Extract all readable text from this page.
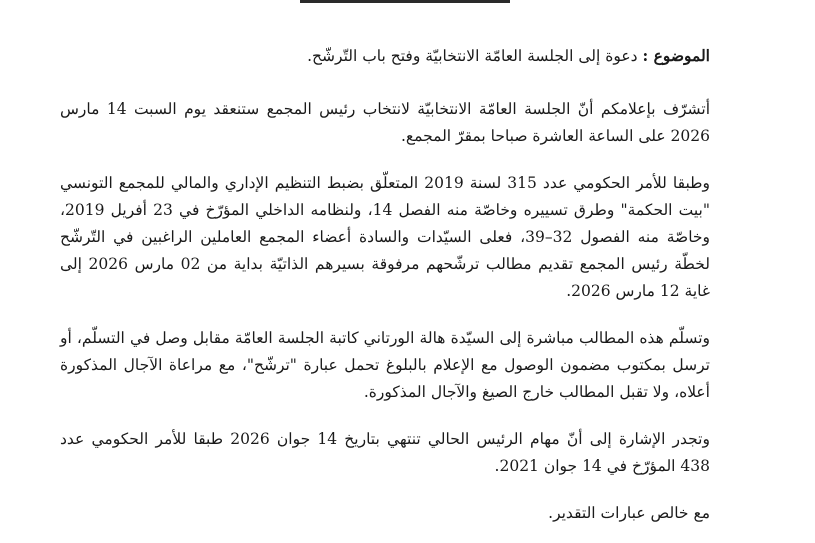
الموضوع : دعوة إلى الجلسة العامّة الانتخابيّة وفتح باب التّرشّح.

أتشرّف بإعلامكم أنّ الجلسة العامّة الانتخابيّة لانتخاب رئيس المجمع ستنعقد يوم السبت 14 مارس 2026 على الساعة العاشرة صباحا بمقرّ المجمع.

وطبقا للأمر الحكومي عدد 315 لسنة 2019 المتعلّق بضبط التنظيم الإداري والمالي للمجمع التونسي "بيت الحكمة" وطرق تسييره وخاصّة منه الفصل 14، ولنظامه الداخلي المؤرّخ في 23 أفريل 2019، وخاصّة منه الفصول 32–39، فعلى السيّدات والسادة أعضاء المجمع العاملين الراغبين في التّرشّح لخطّة رئيس المجمع تقديم مطالب ترشّحهم مرفوقة بسيرهم الذاتيّة بداية من 02 مارس 2026 إلى غاية 12 مارس 2026.

وتسلّم هذه المطالب مباشرة إلى السيّدة هالة الورتاني كاتبة الجلسة العامّة مقابل وصل في التسلّم، أو ترسل بمكتوب مضمون الوصول مع الإعلام بالبلوغ تحمل عبارة "ترشّح"، مع مراعاة الآجال المذكورة أعلاه، ولا تقبل المطالب خارج الصيغ والآجال المذكورة.

وتجدر الإشارة إلى أنّ مهام الرئيس الحالي تنتهي بتاريخ 14 جوان 2026 طبقا للأمر الحكومي عدد 438 المؤرّخ في 14 جوان 2021.

مع خالص عبارات التقدير.
